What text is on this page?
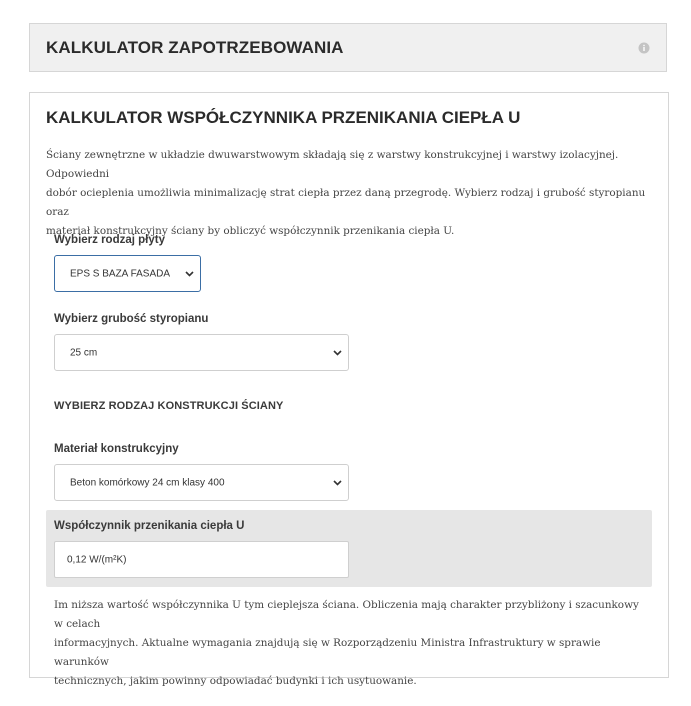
KALKULATOR ZAPOTRZEBOWANIA
KALKULATOR WSPÓŁCZYNNIKA PRZENIKANIA CIEPŁA U

Ściany zewnętrzne w układzie dwuwarstwowym składają się z warstwy konstrukcyjnej i warstwy izolacyjnej. Odpowiedni
dobór ocieplenia umożliwia minimalizację strat ciepła przez daną przegrodę. Wybierz rodzaj i grubość styropianu oraz
materiał konstrukcyjny ściany by obliczyć współczynnik przenikania ciepła U.

Wybierz rodzaj płyty
EPS S BAZA FASADA
Wybierz grubość styropianu
25 cm
WYBIERZ RODZAJ KONSTRUKCJI ŚCIANY
Materiał konstrukcyjny
Beton komórkowy 24 cm klasy 400
Współczynnik przenikania ciepła U
0,12 W/(m²K)

Im niższa wartość współczynnika U tym cieplejsza ściana. Obliczenia mają charakter przybliżony i szacunkowy w celach
informacyjnych. Aktualne wymagania znajdują się w Rozporządzeniu Ministra Infrastruktury w sprawie warunków
technicznych, jakim powinny odpowiadać budynki i ich usytuowanie.
